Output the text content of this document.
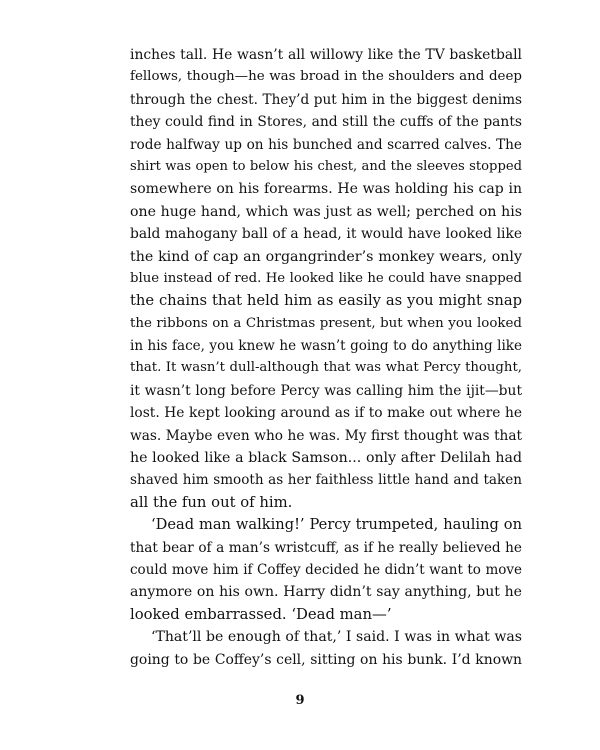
inches tall. He wasn’t all willowy like the TV basketball
fellows, though—he was broad in the shoulders and deep
through the chest. They’d put him in the biggest denims
they could find in Stores, and still the cuffs of the pants
rode halfway up on his bunched and scarred calves. The
shirt was open to below his chest, and the sleeves stopped
somewhere on his forearms. He was holding his cap in
one huge hand, which was just as well; perched on his
bald mahogany ball of a head, it would have looked like
the kind of cap an organgrinder’s monkey wears, only
blue instead of red. He looked like he could have snapped
the chains that held him as easily as you might snap
the ribbons on a Christmas present, but when you looked
in his face, you knew he wasn’t going to do anything like
that. It wasn’t dull-although that was what Percy thought,
it wasn’t long before Percy was calling him the ijit—but
lost. He kept looking around as if to make out where he
was. Maybe even who he was. My first thought was that
he looked like a black Samson... only after Delilah had
shaved him smooth as her faithless little hand and taken
all the fun out of him.
‘Dead man walking!’ Percy trumpeted, hauling on
that bear of a man’s wristcuff, as if he really believed he
could move him if Coffey decided he didn’t want to move
anymore on his own. Harry didn’t say anything, but he
looked embarrassed. ‘Dead man—’
‘That’ll be enough of that,’ I said. I was in what was
going to be Coffey’s cell, sitting on his bunk. I’d known
9
